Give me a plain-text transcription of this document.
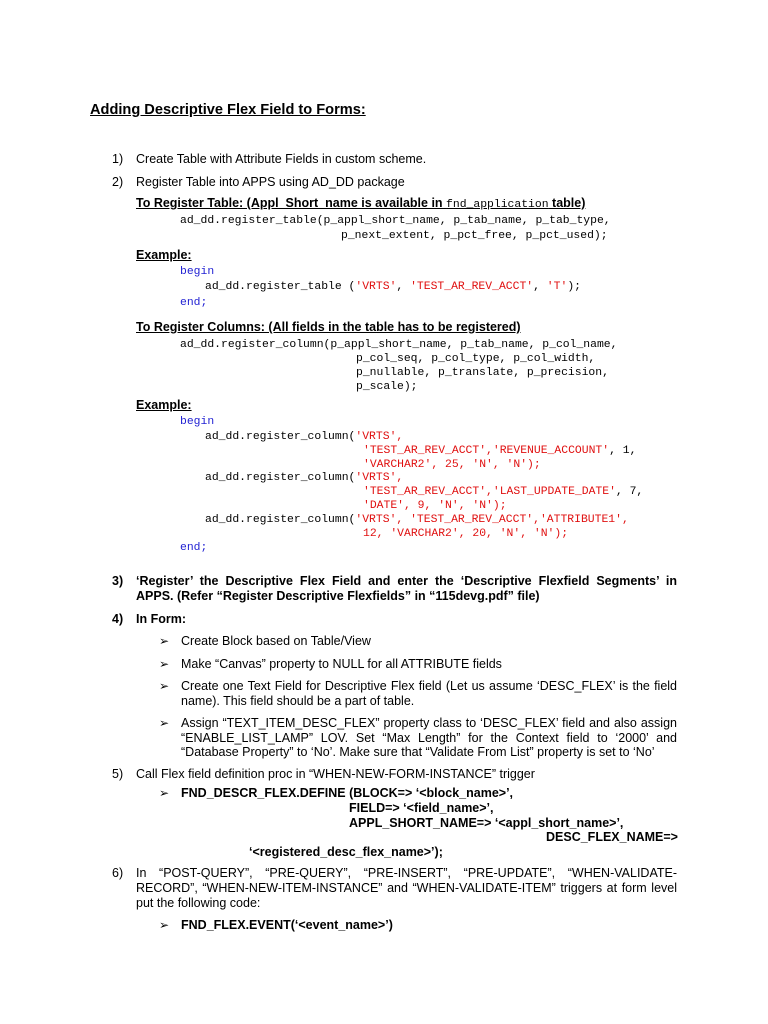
Adding Descriptive Flex Field to Forms:
1) Create Table with Attribute Fields in custom scheme.
2) Register Table into APPS using AD_DD package
To Register Table: (Appl_Short_name is available in fnd_application table)
ad_dd.register_table(p_appl_short_name, p_tab_name, p_tab_type,
p_next_extent, p_pct_free, p_pct_used);
Example:
begin
ad_dd.register_table ('VRTS', 'TEST_AR_REV_ACCT', 'T');
end;
To Register Columns: (All fields in the table has to be registered)
ad_dd.register_column(p_appl_short_name, p_tab_name, p_col_name,
p_col_seq, p_col_type, p_col_width,
p_nullable, p_translate, p_precision,
p_scale);
Example:
begin
ad_dd.register_column('VRTS',
'TEST_AR_REV_ACCT','REVENUE_ACCOUNT', 1,
'VARCHAR2', 25, 'N', 'N');
ad_dd.register_column('VRTS',
'TEST_AR_REV_ACCT','LAST_UPDATE_DATE', 7,
'DATE', 9, 'N', 'N');
ad_dd.register_column('VRTS', 'TEST_AR_REV_ACCT','ATTRIBUTE1',
12, 'VARCHAR2', 20, 'N', 'N');
end;
3) ‘Register’ the Descriptive Flex Field and enter the ‘Descriptive Flexfield Segments’ in APPS. (Refer “Register Descriptive Flexfields” in “115devg.pdf” file)
4) In Form:
➢ Create Block based on Table/View
➢ Make “Canvas” property to NULL for all ATTRIBUTE fields
➢ Create one Text Field for Descriptive Flex field (Let us assume ‘DESC_FLEX’ is the field name). This field should be a part of table.
➢ Assign “TEXT_ITEM_DESC_FLEX” property class to ‘DESC_FLEX’ field and also assign “ENABLE_LIST_LAMP” LOV. Set “Max Length” for the Context field to ‘2000’ and “Database Property” to ‘No’. Make sure that “Validate From List” property is set to ‘No’
5) Call Flex field definition proc in “WHEN-NEW-FORM-INSTANCE” trigger
➢ FND_DESCR_FLEX.DEFINE (BLOCK=> ‘<block_name>’,
FIELD=> ‘<field_name>’,
APPL_SHORT_NAME=> ‘<appl_short_name>’,
DESC_FLEX_NAME=>
‘<registered_desc_flex_name>’);
6) In “POST-QUERY”, “PRE-QUERY”, “PRE-INSERT”, “PRE-UPDATE”, “WHEN-VALIDATE-RECORD”, “WHEN-NEW-ITEM-INSTANCE” and “WHEN-VALIDATE-ITEM” triggers at form level put the following code:
➢ FND_FLEX.EVENT(‘<event_name>’)
